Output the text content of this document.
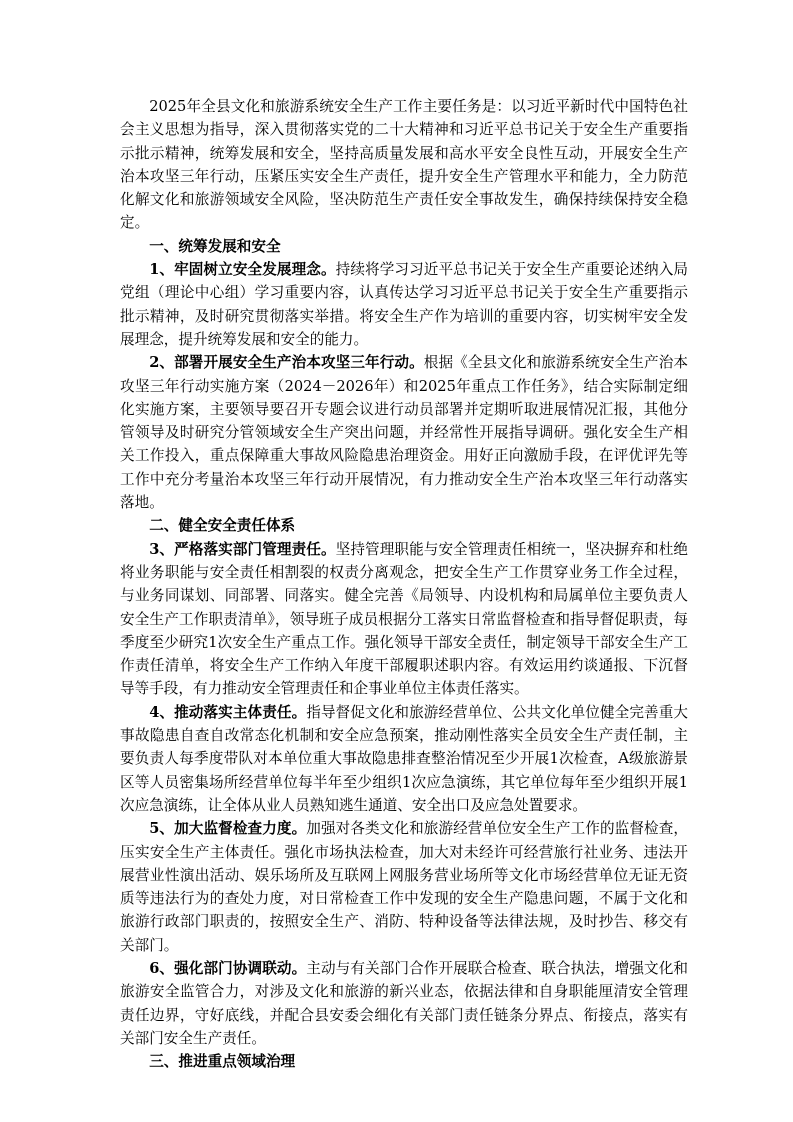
2025年全县文化和旅游系统安全生产工作主要任务是：以习近平新时代中国特色社会主义思想为指导，深入贯彻落实党的二十大精神和习近平总书记关于安全生产重要指示批示精神，统筹发展和安全，坚持高质量发展和高水平安全良性互动，开展安全生产治本攻坚三年行动，压紧压实安全生产责任，提升安全生产管理水平和能力，全力防范化解文化和旅游领域安全风险，坚决防范生产责任安全事故发生，确保持续保持安全稳定。

一、统筹发展和安全

1、牢固树立安全发展理念。持续将学习习近平总书记关于安全生产重要论述纳入局党组（理论中心组）学习重要内容，认真传达学习习近平总书记关于安全生产重要指示批示精神，及时研究贯彻落实举措。将安全生产作为培训的重要内容，切实树牢安全发展理念，提升统筹发展和安全的能力。

2、部署开展安全生产治本攻坚三年行动。根据《全县文化和旅游系统安全生产治本攻坚三年行动实施方案（2024－2026年）和2025年重点工作任务》，结合实际制定细化实施方案，主要领导要召开专题会议进行动员部署并定期听取进展情况汇报，其他分管领导及时研究分管领域安全生产突出问题，并经常性开展指导调研。强化安全生产相关工作投入，重点保障重大事故风险隐患治理资金。用好正向激励手段，在评优评先等工作中充分考量治本攻坚三年行动开展情况，有力推动安全生产治本攻坚三年行动落实落地。

二、健全安全责任体系

3、严格落实部门管理责任。坚持管理职能与安全管理责任相统一，坚决摒弃和杜绝将业务职能与安全责任相割裂的权责分离观念，把安全生产工作贯穿业务工作全过程，与业务同谋划、同部署、同落实。健全完善《局领导、内设机构和局属单位主要负责人安全生产工作职责清单》，领导班子成员根据分工落实日常监督检查和指导督促职责，每季度至少研究1次安全生产重点工作。强化领导干部安全责任，制定领导干部安全生产工作责任清单，将安全生产工作纳入年度干部履职述职内容。有效运用约谈通报、下沉督导等手段，有力推动安全管理责任和企事业单位主体责任落实。

4、推动落实主体责任。指导督促文化和旅游经营单位、公共文化单位健全完善重大事故隐患自查自改常态化机制和安全应急预案，推动刚性落实全员安全生产责任制，主要负责人每季度带队对本单位重大事故隐患排查整治情况至少开展1次检查，A级旅游景区等人员密集场所经营单位每半年至少组织1次应急演练，其它单位每年至少组织开展1次应急演练，让全体从业人员熟知逃生通道、安全出口及应急处置要求。

5、加大监督检查力度。加强对各类文化和旅游经营单位安全生产工作的监督检查，压实安全生产主体责任。强化市场执法检查，加大对未经许可经营旅行社业务、违法开展营业性演出活动、娱乐场所及互联网上网服务营业场所等文化市场经营单位无证无资质等违法行为的查处力度，对日常检查工作中发现的安全生产隐患问题，不属于文化和旅游行政部门职责的，按照安全生产、消防、特种设备等法律法规，及时抄告、移交有关部门。

6、强化部门协调联动。主动与有关部门合作开展联合检查、联合执法，增强文化和旅游安全监管合力，对涉及文化和旅游的新兴业态，依据法律和自身职能厘清安全管理责任边界，守好底线，并配合县安委会细化有关部门责任链条分界点、衔接点，落实有关部门安全生产责任。

三、推进重点领域治理
